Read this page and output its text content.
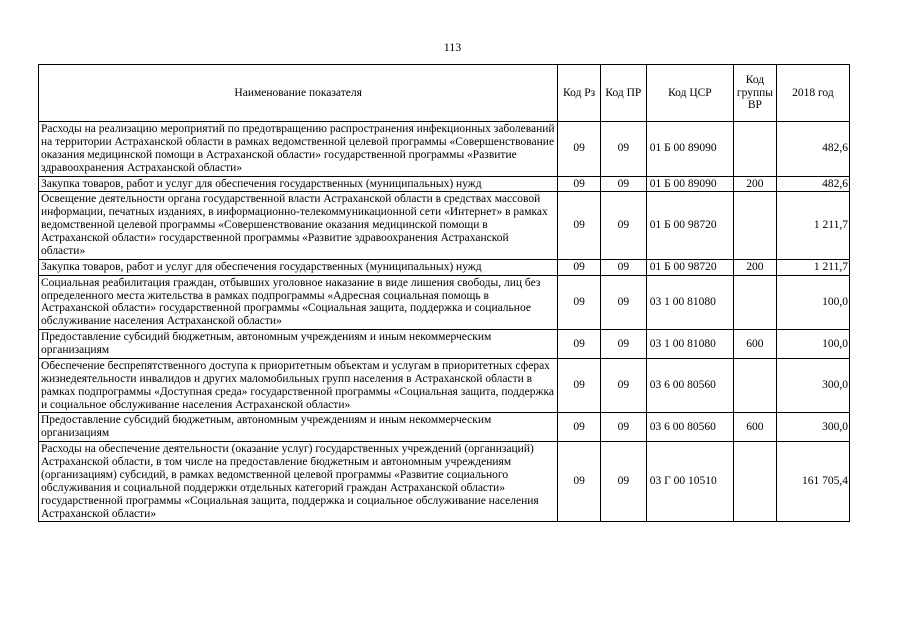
113
Наименование показателя	Код Рз	Код ПР	Код ЦСР	Код группы ВР	2018 год
Расходы на реализацию мероприятий по предотвращению распространения инфекционных заболеваний на территории Астраханской области в рамках ведомственной целевой программы «Совершенствование оказания медицинской помощи в Астраханской области» государственной программы «Развитие здравоохранения Астраханской области»	09	09	01 Б 00 89090		482,6
Закупка товаров, работ и услуг для обеспечения государственных (муниципальных) нужд	09	09	01 Б 00 89090	200	482,6
Освещение деятельности органа государственной власти Астраханской области в средствах массовой информации, печатных изданиях, в информационно-телекоммуникационной сети «Интернет» в рамках ведомственной целевой программы «Совершенствование оказания медицинской помощи в Астраханской области» государственной программы «Развитие здравоохранения Астраханской области»	09	09	01 Б 00 98720		1 211,7
Закупка товаров, работ и услуг для обеспечения государственных (муниципальных) нужд	09	09	01 Б 00 98720	200	1 211,7
Социальная реабилитация граждан, отбывших уголовное наказание в виде лишения свободы, лиц без определенного места жительства в рамках подпрограммы «Адресная социальная помощь в Астраханской области» государственной программы «Социальная защита, поддержка и социальное обслуживание населения Астраханской области»	09	09	03 1 00 81080		100,0
Предоставление субсидий бюджетным, автономным учреждениям и иным некоммерческим организациям	09	09	03 1 00 81080	600	100,0
Обеспечение беспрепятственного доступа к приоритетным объектам и услугам в приоритетных сферах жизнедеятельности инвалидов и других маломобильных групп населения в Астраханской области в рамках подпрограммы «Доступная среда» государственной программы «Социальная защита, поддержка и социальное обслуживание населения Астраханской области»	09	09	03 6 00 80560		300,0
Предоставление субсидий бюджетным, автономным учреждениям и иным некоммерческим организациям	09	09	03 6 00 80560	600	300,0
Расходы на обеспечение деятельности (оказание услуг) государственных учреждений (организаций) Астраханской области, в том числе на предоставление бюджетным и автономным учреждениям (организациям) субсидий, в рамках ведомственной целевой программы «Развитие социального обслуживания и социальной поддержки отдельных категорий граждан Астраханской области» государственной программы «Социальная защита, поддержка и социальное обслуживание населения Астраханской области»	09	09	03 Г 00 10510		161 705,4
